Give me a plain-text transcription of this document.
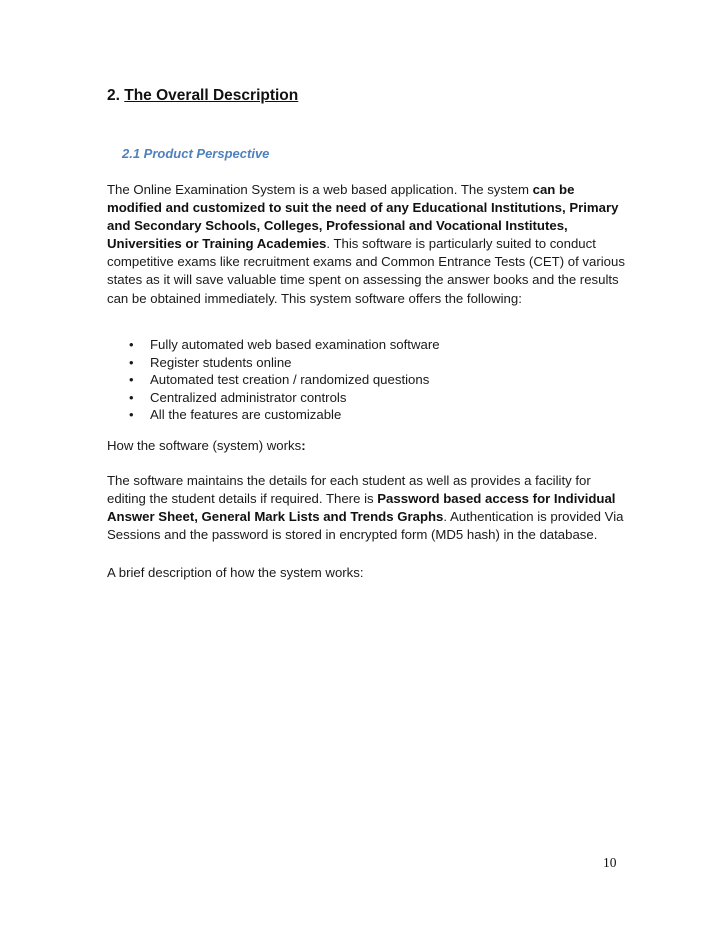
2. The Overall Description
2.1 Product Perspective
The Online Examination System is a web based application. The system can be modified and customized to suit the need of any Educational Institutions, Primary and Secondary Schools, Colleges, Professional and Vocational Institutes, Universities or Training Academies. This software is particularly suited to conduct competitive exams like recruitment exams and Common Entrance Tests (CET) of various states as it will save valuable time spent on assessing the answer books and the results can be obtained immediately. This system software offers the following:
• Fully automated web based examination software
• Register students online
• Automated test creation / randomized questions
• Centralized administrator controls
• All the features are customizable
How the software (system) works:
The software maintains the details for each student as well as provides a facility for editing the student details if required. There is Password based access for Individual Answer Sheet, General Mark Lists and Trends Graphs. Authentication is provided Via Sessions and the password is stored in encrypted form (MD5 hash) in the database.
A brief description of how the system works:
10
